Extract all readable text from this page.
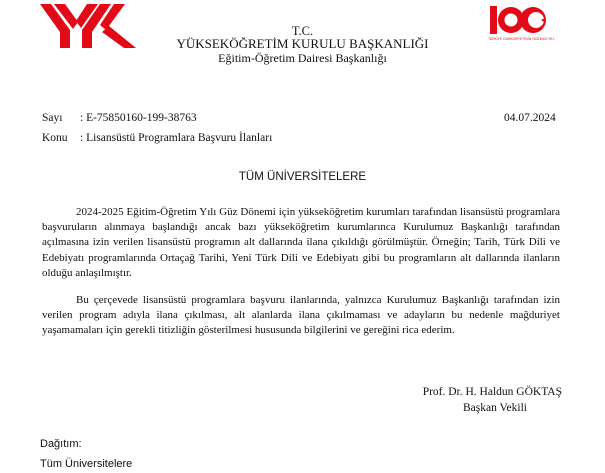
TÜRKİYE CUMHURİYETİ'NİN YÜZÜNCÜ YILI
T.C.
YÜKSEKÖĞRETİM KURULU BAŞKANLIĞI
Eğitim-Öğretim Dairesi Başkanlığı
Sayı : E-75850160-199-38763	04.07.2024
Konu : Lisansüstü Programlara Başvuru İlanları
TÜM ÜNİVERSİTELERE
2024-2025 Eğitim-Öğretim Yılı Güz Dönemi için yükseköğretim kurumları tarafından lisansüstü programlara başvuruların alınmaya başlandığı ancak bazı yükseköğretim kurumlarınca Kurulumuz Başkanlığı tarafından açılmasına izin verilen lisansüstü programın alt dallarında ilana çıkıldığı görülmüştür. Örneğin; Tarih, Türk Dili ve Edebiyatı programlarında Ortaçağ Tarihi, Yeni Türk Dili ve Edebiyatı gibi bu programların alt dallarında ilanların olduğu anlaşılmıştır.
Bu çerçevede lisansüstü programlara başvuru ilanlarında, yalnızca Kurulumuz Başkanlığı tarafından izin verilen program adıyla ilana çıkılması, alt alanlarda ilana çıkılmaması ve adayların bu nedenle mağduriyet yaşamamaları için gerekli titizliğin gösterilmesi hususunda bilgilerini ve gereğini rica ederim.
Prof. Dr. H. Haldun GÖKTAŞ
Başkan Vekili
Dağıtım:
Tüm Üniversitelere
